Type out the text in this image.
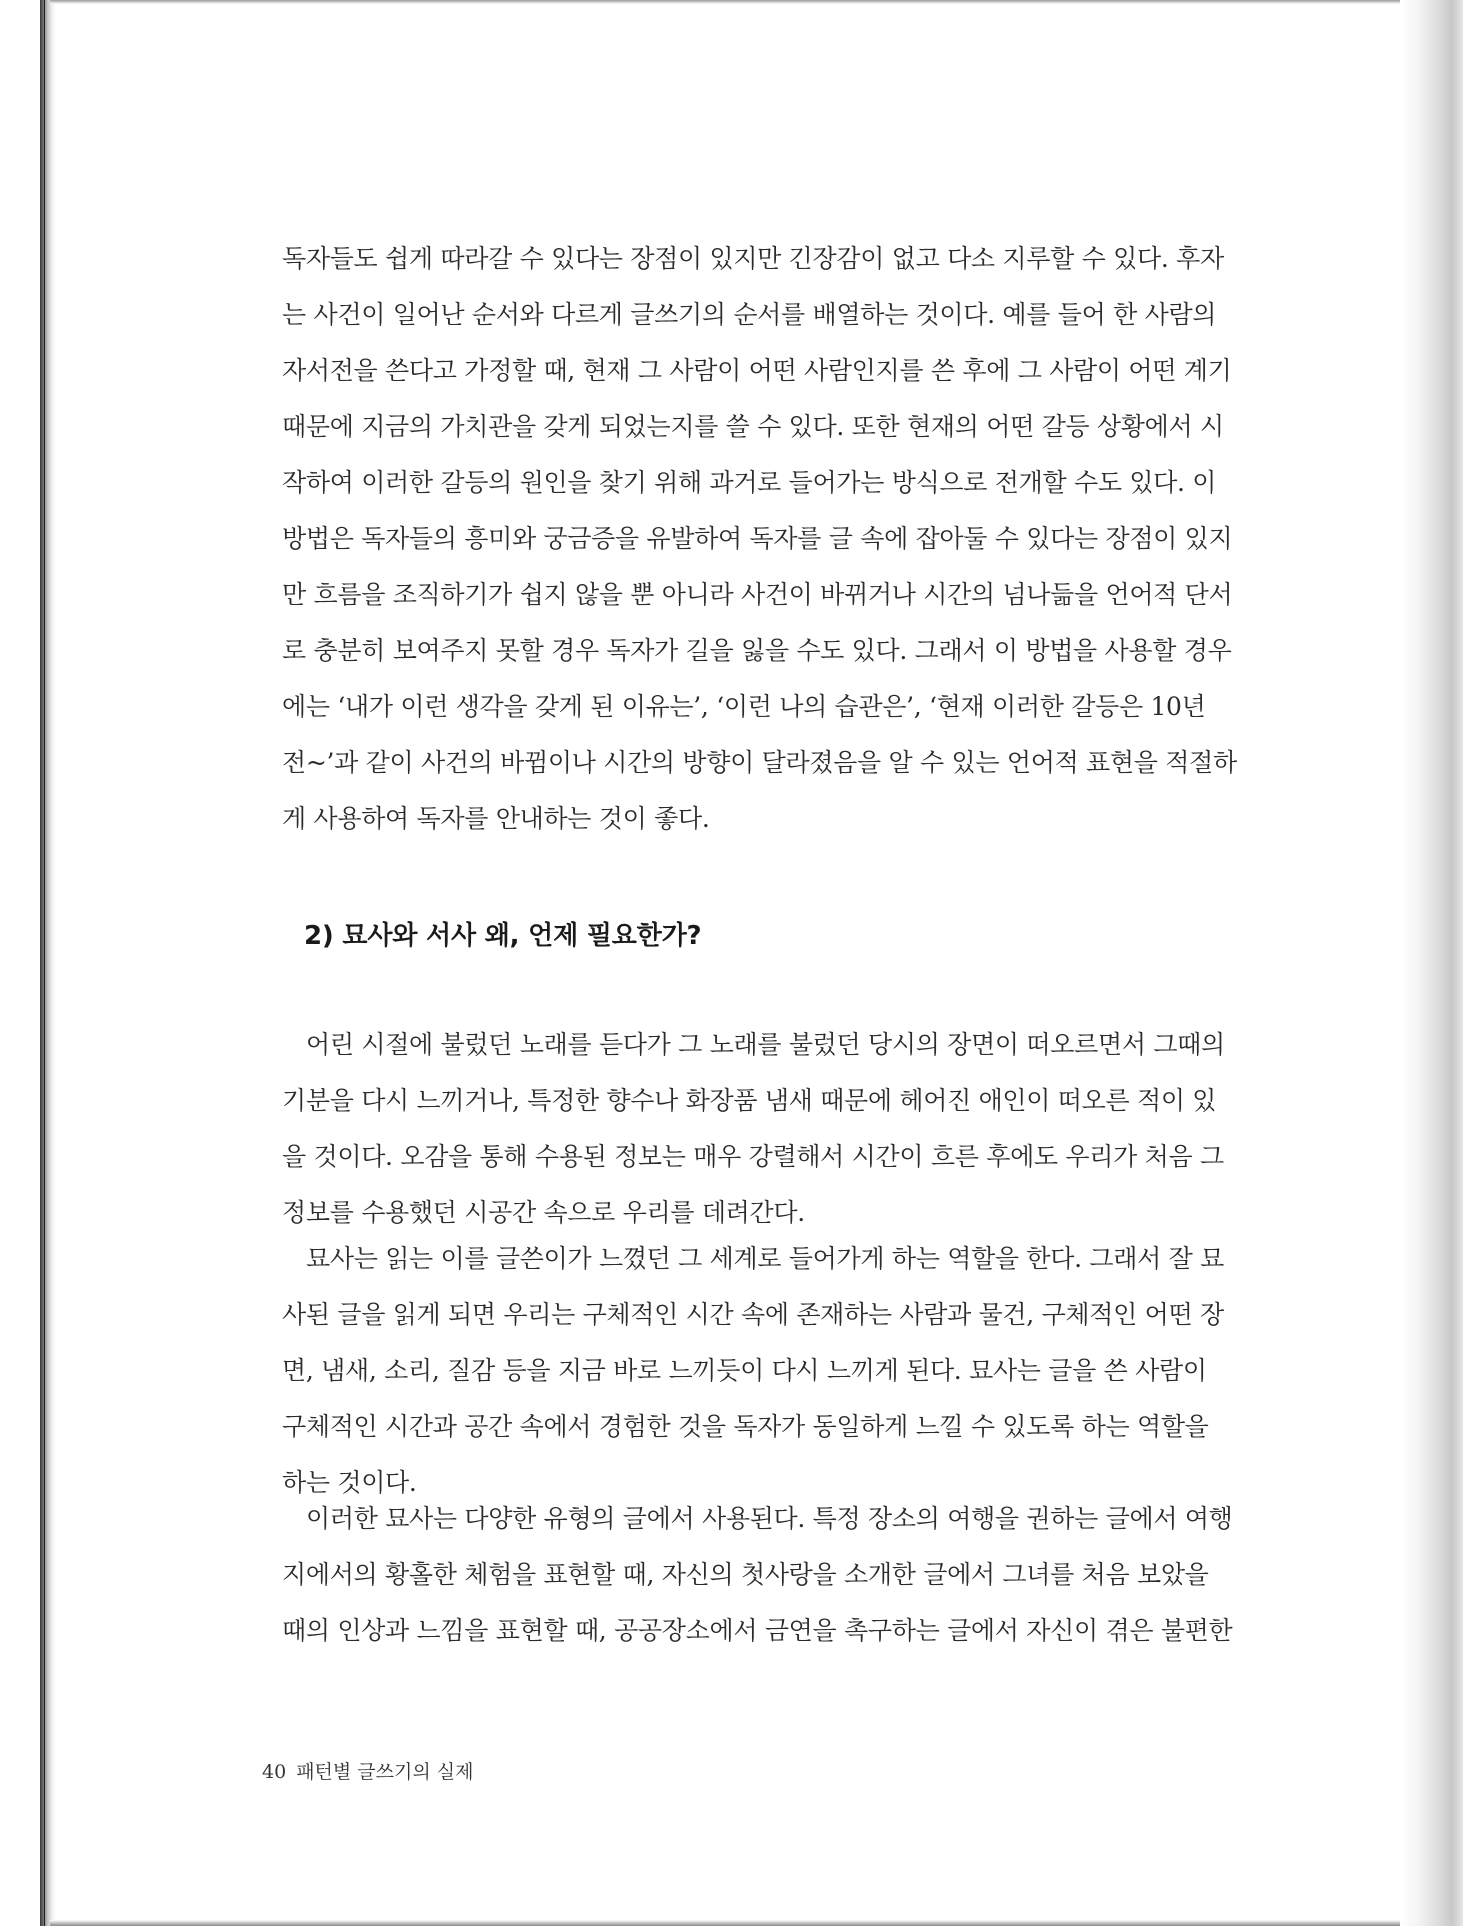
독자들도 쉽게 따라갈 수 있다는 장점이 있지만 긴장감이 없고 다소 지루할 수 있다. 후자
는 사건이 일어난 순서와 다르게 글쓰기의 순서를 배열하는 것이다. 예를 들어 한 사람의
자서전을 쓴다고 가정할 때, 현재 그 사람이 어떤 사람인지를 쓴 후에 그 사람이 어떤 계기
때문에 지금의 가치관을 갖게 되었는지를 쓸 수 있다. 또한 현재의 어떤 갈등 상황에서 시
작하여 이러한 갈등의 원인을 찾기 위해 과거로 들어가는 방식으로 전개할 수도 있다. 이
방법은 독자들의 흥미와 궁금증을 유발하여 독자를 글 속에 잡아둘 수 있다는 장점이 있지
만 흐름을 조직하기가 쉽지 않을 뿐 아니라 사건이 바뀌거나 시간의 넘나듦을 언어적 단서
로 충분히 보여주지 못할 경우 독자가 길을 잃을 수도 있다. 그래서 이 방법을 사용할 경우
에는 ‘내가 이런 생각을 갖게 된 이유는’, ‘이런 나의 습관은’, ‘현재 이러한 갈등은 10년
전~’과 같이 사건의 바뀜이나 시간의 방향이 달라졌음을 알 수 있는 언어적 표현을 적절하
게 사용하여 독자를 안내하는 것이 좋다.
2) 묘사와 서사 왜, 언제 필요한가?
어린 시절에 불렀던 노래를 듣다가 그 노래를 불렀던 당시의 장면이 떠오르면서 그때의
기분을 다시 느끼거나, 특정한 향수나 화장품 냄새 때문에 헤어진 애인이 떠오른 적이 있
을 것이다. 오감을 통해 수용된 정보는 매우 강렬해서 시간이 흐른 후에도 우리가 처음 그
정보를 수용했던 시공간 속으로 우리를 데려간다.
묘사는 읽는 이를 글쓴이가 느꼈던 그 세계로 들어가게 하는 역할을 한다. 그래서 잘 묘
사된 글을 읽게 되면 우리는 구체적인 시간 속에 존재하는 사람과 물건, 구체적인 어떤 장
면, 냄새, 소리, 질감 등을 지금 바로 느끼듯이 다시 느끼게 된다. 묘사는 글을 쓴 사람이
구체적인 시간과 공간 속에서 경험한 것을 독자가 동일하게 느낄 수 있도록 하는 역할을
하는 것이다.
이러한 묘사는 다양한 유형의 글에서 사용된다. 특정 장소의 여행을 권하는 글에서 여행
지에서의 황홀한 체험을 표현할 때, 자신의 첫사랑을 소개한 글에서 그녀를 처음 보았을
때의 인상과 느낌을 표현할 때, 공공장소에서 금연을 촉구하는 글에서 자신이 겪은 불편한
40 패턴별 글쓰기의 실제
